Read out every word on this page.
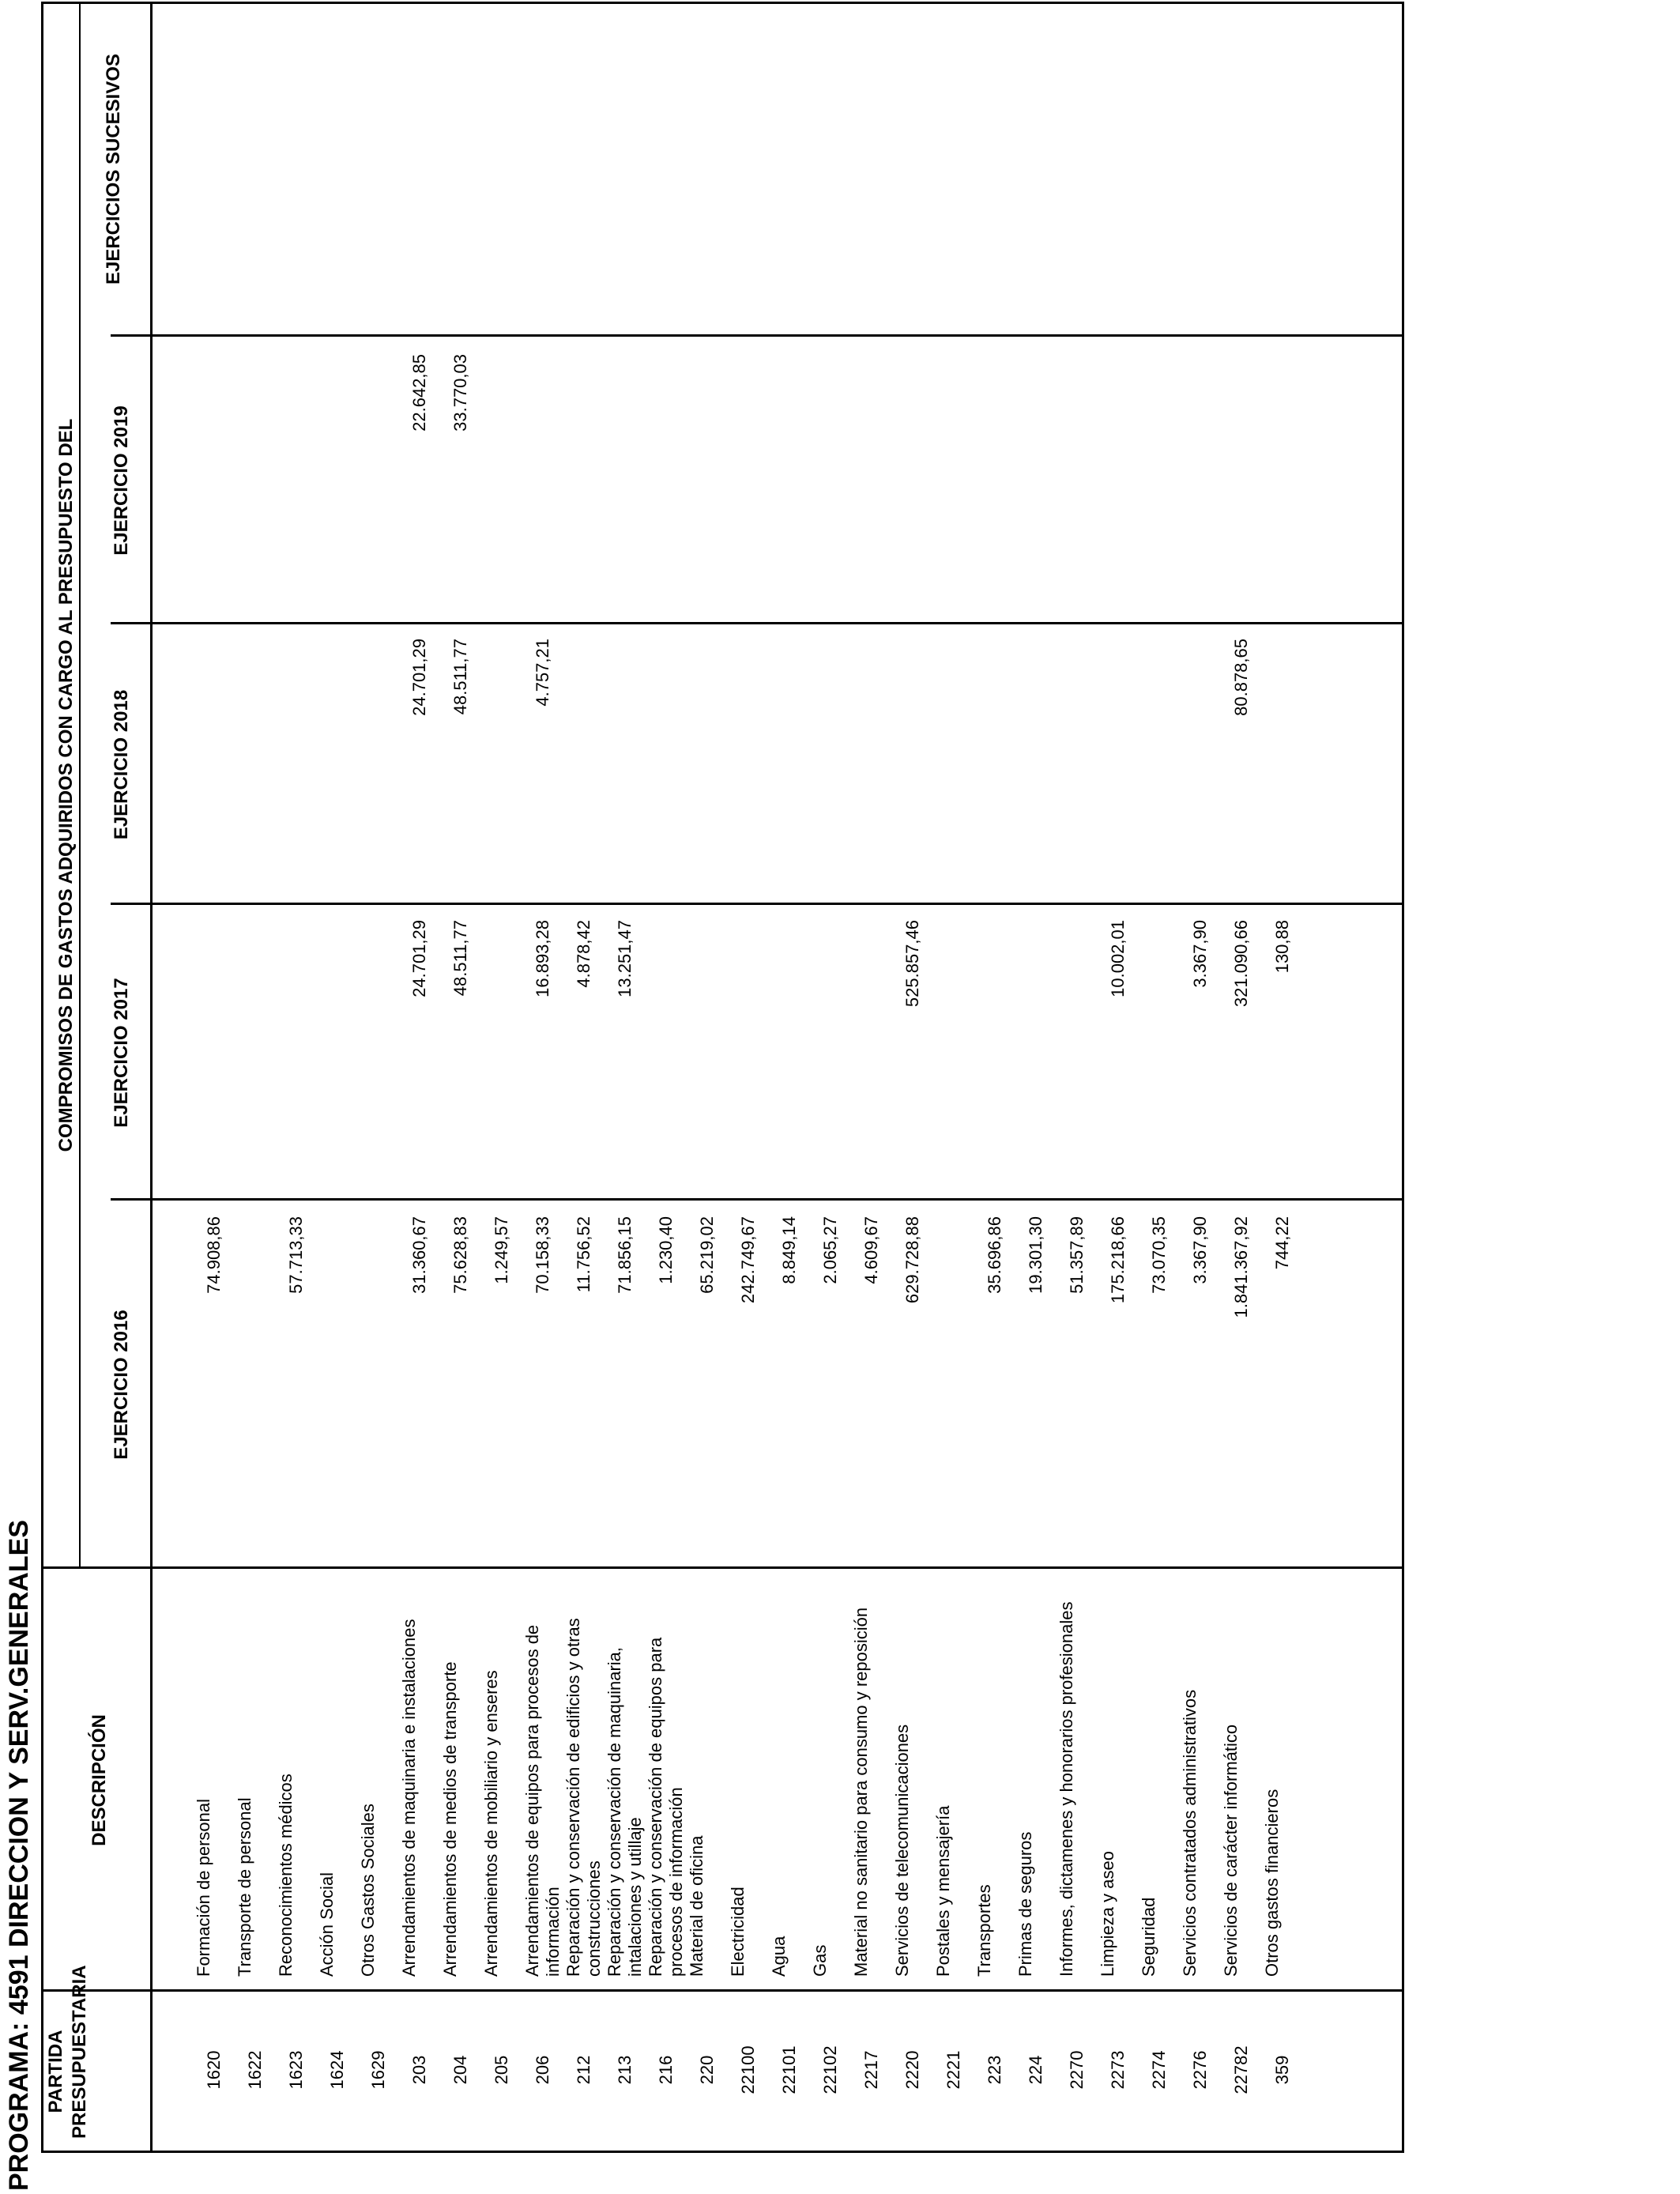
PROGRAMA: 4591 DIRECCION Y SERV.GENERALES PARTIDA PRESUPUESTARIA
DESCRIPCIÓN
COMPROMISOS DE GASTOS ADQUIRIDOS CON CARGO AL PRESUPUESTO DEL
EJERCICIO 2016
EJERCICIO 2017
EJERCICIO 2018
EJERCICIO 2019
EJERCICIOS SUCESIVOS
1620
Formación de personal
74.908,86
1622
Transporte de personal
1623
Reconocimientos médicos
57.713,33
1624
Acción Social
1629
Otros Gastos Sociales
203
Arrendamientos de maquinaria e instalaciones
31.360,67
24.701,29
24.701,29
22.642,85
204
Arrendamientos de medios de transporte
75.628,83
48.511,77
48.511,77
33.770,03
205
Arrendamientos de mobiliario y enseres
1.249,57
206
Arrendamientos de equipos para procesos de información
70.158,33
16.893,28
4.757,21
212
Reparación y conservación de edificios y otras construcciones
11.756,52
4.878,42
213
Reparación y conservación de maquinaria, intalaciones y utillaje
71.856,15
13.251,47
216
Reparación y conservación de equipos para procesos de información
1.230,40
220
Material de oficina
65.219,02
22100
Electricidad
242.749,67
22101
Agua
8.849,14
22102
Gas
2.065,27
2217
Material no sanitario para consumo y reposición
4.609,67
2220
Servicios de telecomunicaciones
629.728,88
525.857,46
2221
Postales y mensajería
223
Transportes
35.696,86
224
Primas de seguros
19.301,30
2270
Informes, dictamenes y honorarios profesionales
51.357,89
2273
Limpieza y aseo
175.218,66
10.002,01
2274
Seguridad
73.070,35
2276
Servicios contratados administrativos
3.367,90
3.367,90
22782
Servicios de carácter informático
1.841.367,92
321.090,66
80.878,65
359
Otros gastos financieros
744,22
130,88
